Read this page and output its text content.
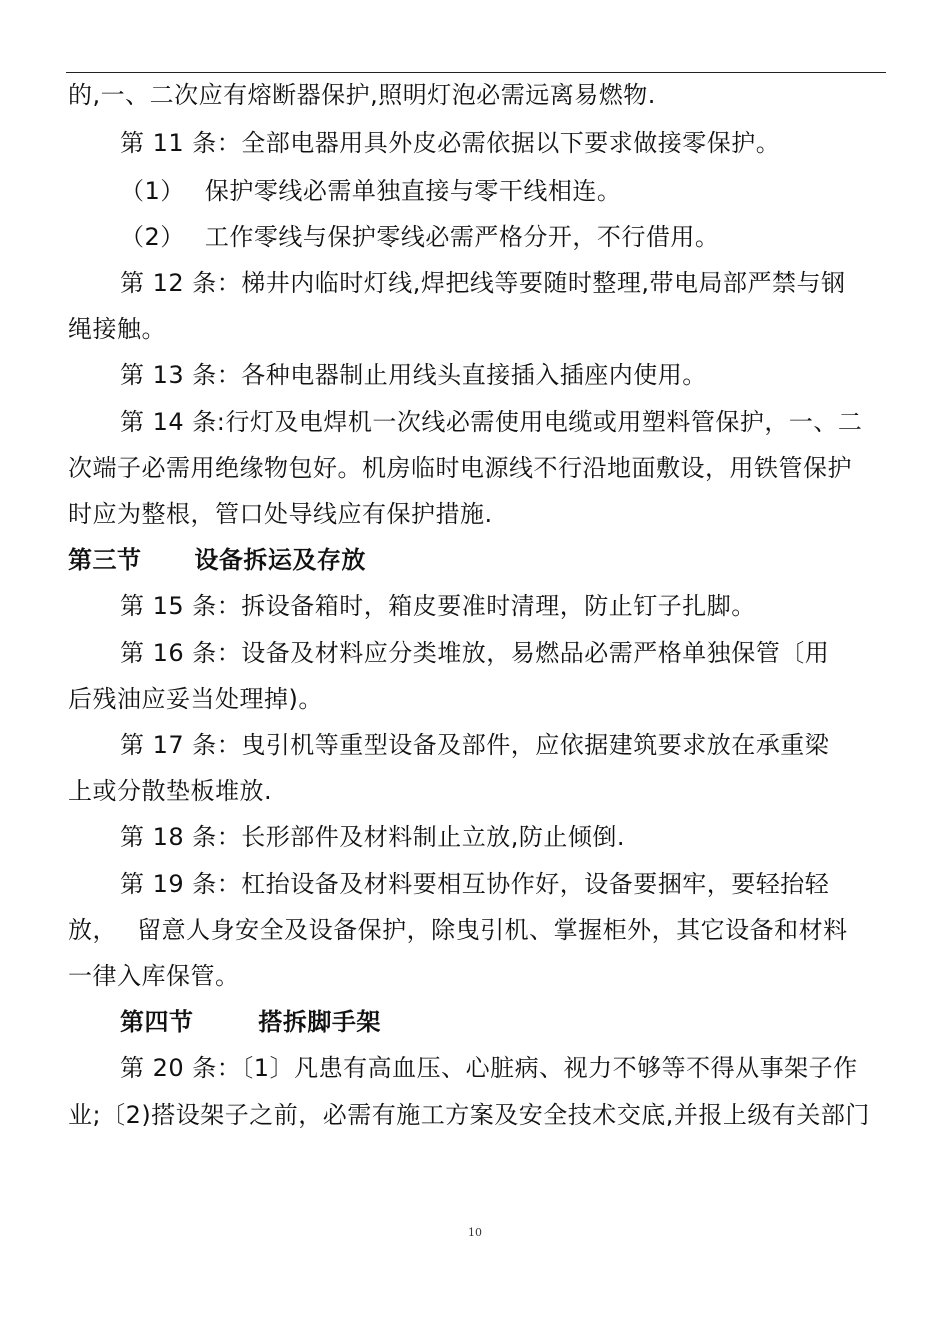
的,一、二次应有熔断器保护,照明灯泡必需远离易燃物.
第 11 条：全部电器用具外皮必需依据以下要求做接零保护。
（1） 保护零线必需单独直接与零干线相连。
（2） 工作零线与保护零线必需严格分开，不行借用。
第 12 条：梯井内临时灯线,焊把线等要随时整理,带电局部严禁与钢
绳接触。
第 13 条：各种电器制止用线头直接插入插座内使用。
第 14 条:行灯及电焊机一次线必需使用电缆或用塑料管保护，一、二
次端子必需用绝缘物包好。机房临时电源线不行沿地面敷设，用铁管保护
时应为整根，管口处导线应有保护措施.
第三节 设备拆运及存放
第 15 条：拆设备箱时，箱皮要准时清理，防止钉子扎脚。
第 16 条：设备及材料应分类堆放，易燃品必需严格单独保管〔用
后残油应妥当处理掉)。
第 17 条：曳引机等重型设备及部件，应依据建筑要求放在承重梁
上或分散垫板堆放.
第 18 条：长形部件及材料制止立放,防止倾倒.
第 19 条：杠抬设备及材料要相互协作好，设备要捆牢，要轻抬轻
放， 留意人身安全及设备保护，除曳引机、掌握柜外，其它设备和材料
一律入库保管。
第四节	搭拆脚手架
第 20 条：〔1〕凡患有高血压、心脏病、视力不够等不得从事架子作
业;〔2)搭设架子之前，必需有施工方案及安全技术交底,并报上级有关部门
10
